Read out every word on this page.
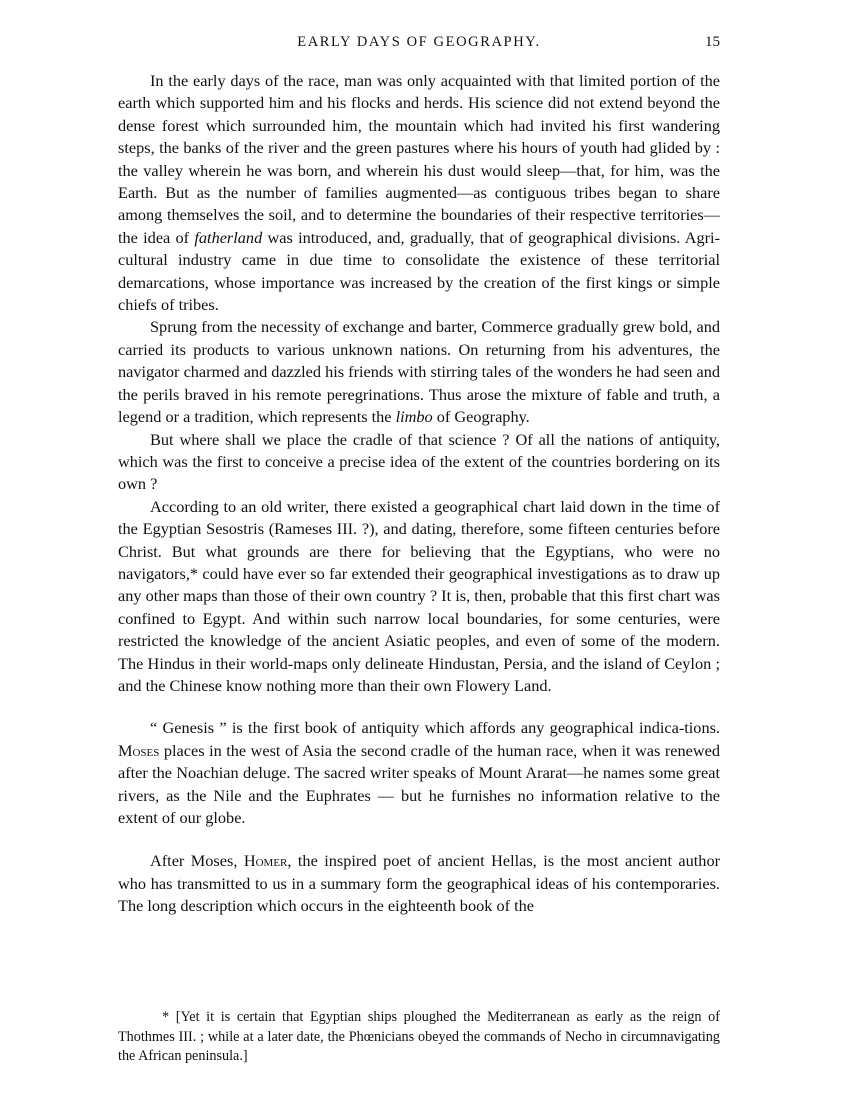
EARLY DAYS OF GEOGRAPHY.	15

In the early days of the race, man was only acquainted with that limited portion of the earth which supported him and his flocks and herds. His science did not extend beyond the dense forest which surrounded him, the mountain which had invited his first wandering steps, the banks of the river and the green pastures where his hours of youth had glided by : the valley wherein he was born, and wherein his dust would sleep—that, for him, was the Earth. But as the number of families augmented—as contiguous tribes began to share among themselves the soil, and to determine the boundaries of their respective territories—the idea of fatherland was introduced, and, gradually, that of geographical divisions. Agri-cultural industry came in due time to consolidate the existence of these territorial demarcations, whose importance was increased by the creation of the first kings or simple chiefs of tribes.

Sprung from the necessity of exchange and barter, Commerce gradually grew bold, and carried its products to various unknown nations. On returning from his adventures, the navigator charmed and dazzled his friends with stirring tales of the wonders he had seen and the perils braved in his remote peregrinations. Thus arose the mixture of fable and truth, a legend or a tradition, which represents the limbo of Geography.

But where shall we place the cradle of that science ? Of all the nations of antiquity, which was the first to conceive a precise idea of the extent of the countries bordering on its own ?

According to an old writer, there existed a geographical chart laid down in the time of the Egyptian Sesostris (Rameses III. ?), and dating, therefore, some fifteen centuries before Christ. But what grounds are there for believing that the Egyptians, who were no navigators,* could have ever so far extended their geographical investigations as to draw up any other maps than those of their own country ? It is, then, probable that this first chart was confined to Egypt. And within such narrow local boundaries, for some centuries, were restricted the knowledge of the ancient Asiatic peoples, and even of some of the modern. The Hindus in their world-maps only delineate Hindustan, Persia, and the island of Ceylon ; and the Chinese know nothing more than their own Flowery Land.

“ Genesis ” is the first book of antiquity which affords any geographical indica-tions. Moses places in the west of Asia the second cradle of the human race, when it was renewed after the Noachian deluge. The sacred writer speaks of Mount Ararat—he names some great rivers, as the Nile and the Euphrates — but he furnishes no information relative to the extent of our globe.

After Moses, Homer, the inspired poet of ancient Hellas, is the most ancient author who has transmitted to us in a summary form the geographical ideas of his contemporaries. The long description which occurs in the eighteenth book of the

* [Yet it is certain that Egyptian ships ploughed the Mediterranean as early as the reign of Thothmes III. ; while at a later date, the Phœnicians obeyed the commands of Necho in circumnavigating the African peninsula.]
